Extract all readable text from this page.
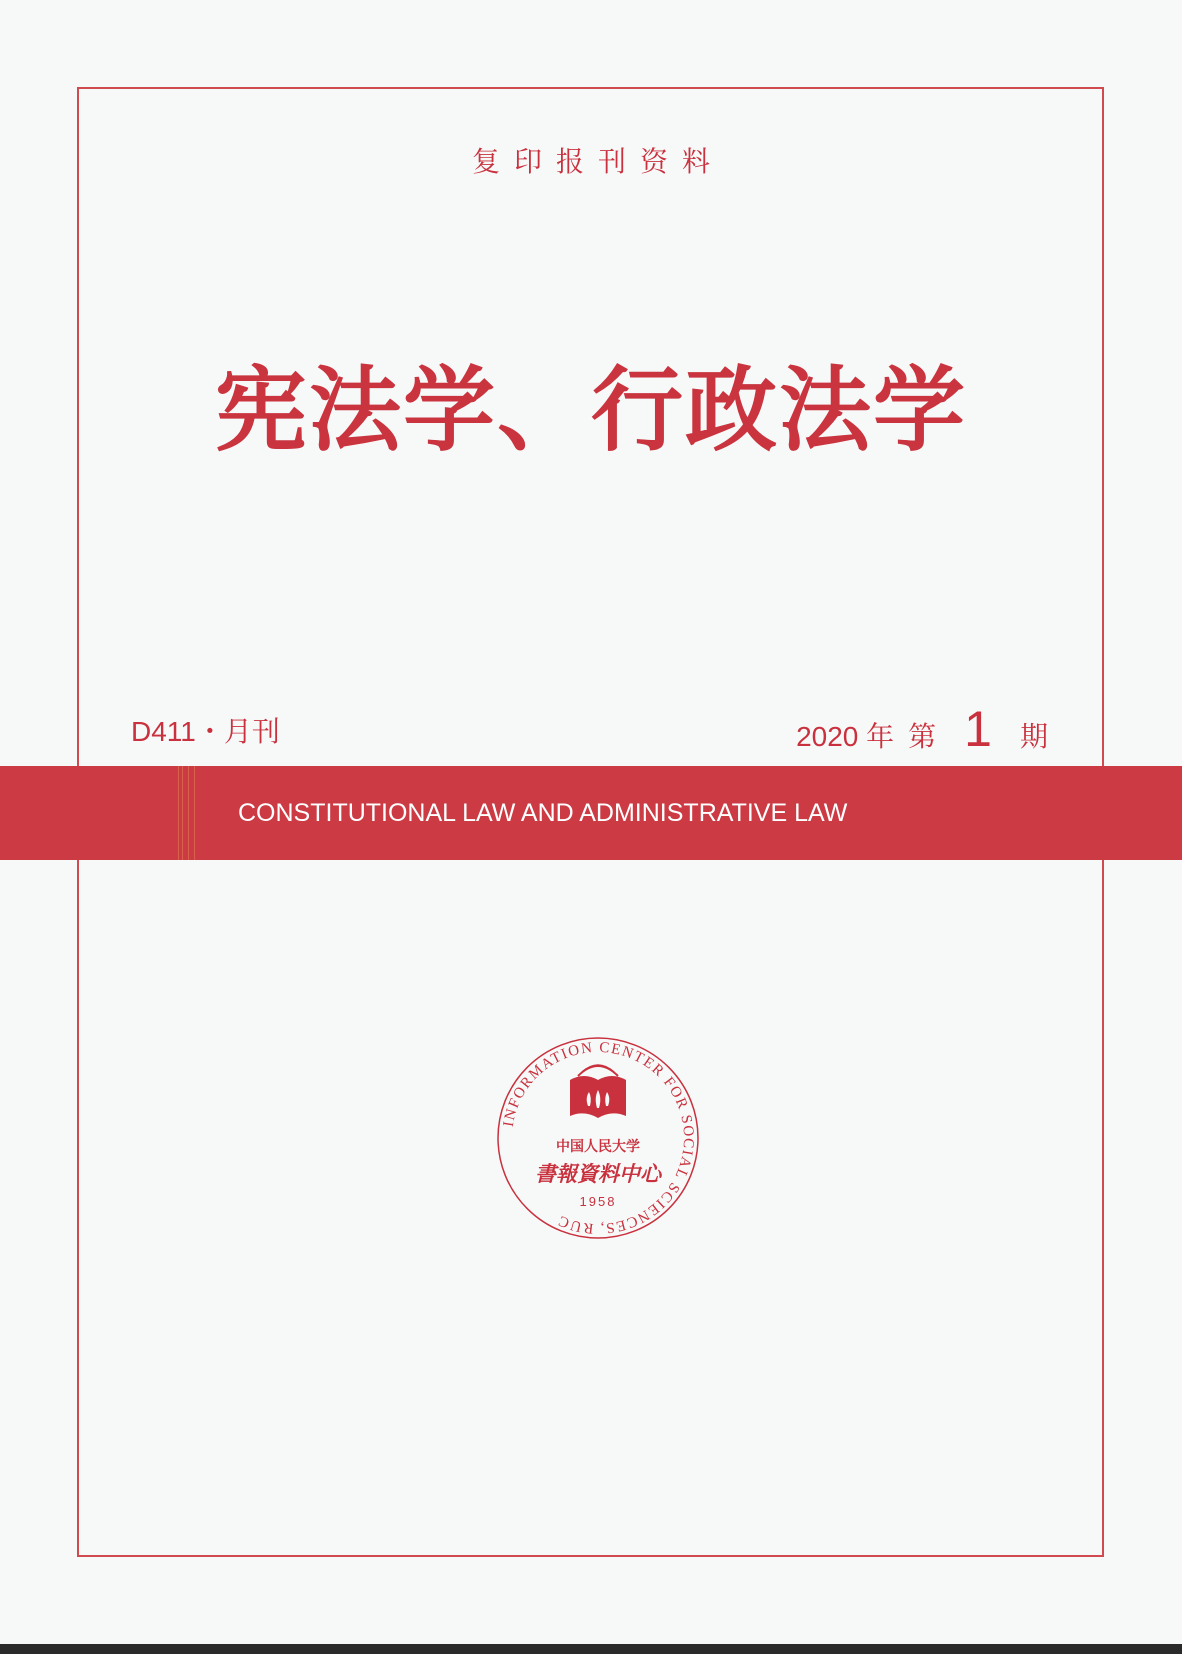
复印报刊资料
宪法学、行政法学
D411・月刊	2020 年 第 1 期
CONSTITUTIONAL LAW AND ADMINISTRATIVE LAW
INFORMATION CENTER FOR SOCIAL SCIENCES, RUC
中国人民大学
書報資料中心
1958
